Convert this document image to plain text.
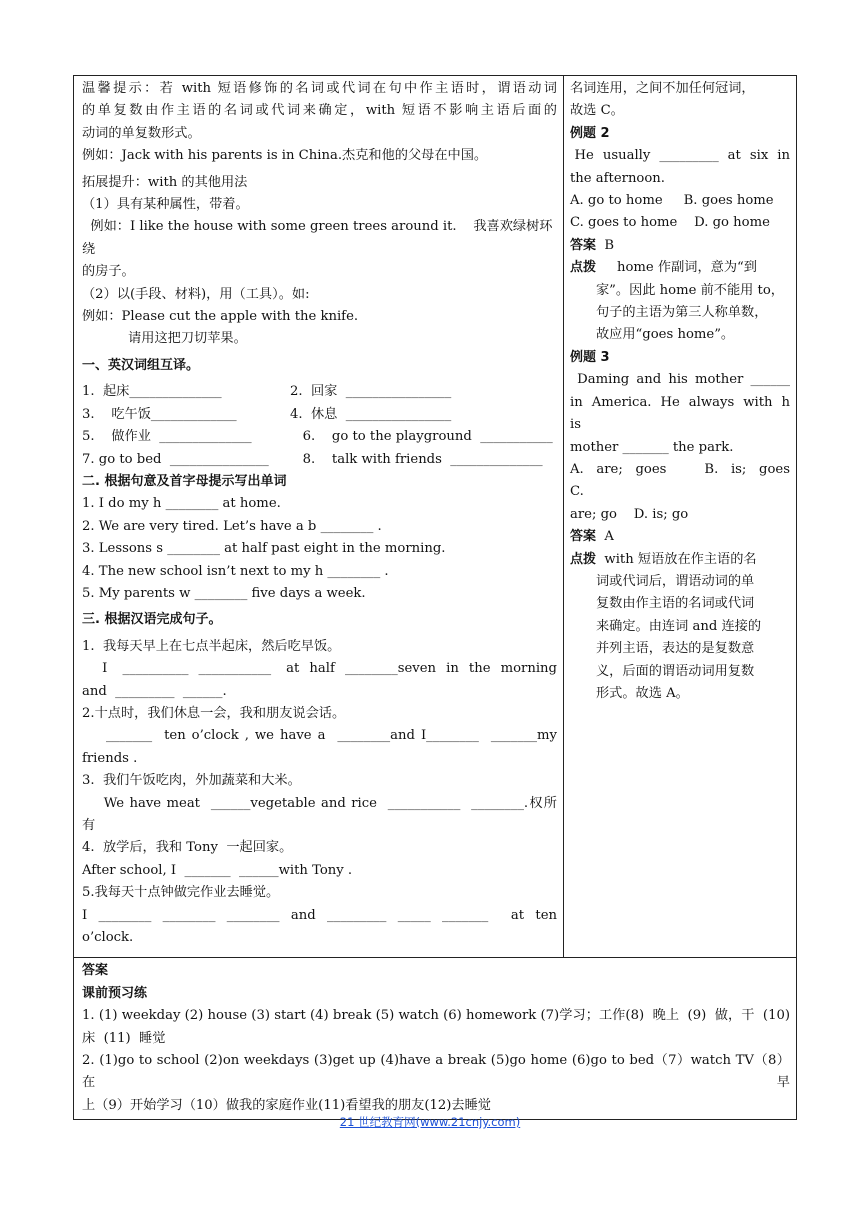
温馨提示：若 with 短语修饰的名词或代词在句中作主语时，谓语动词
的单复数由作主语的名词或代词来确定，with 短语不影响主语后面的
动词的单复数形式。
例如：Jack with his parents is in China.杰克和他的父母在中国。
拓展提升：with 的其他用法
（1）具有某种属性，带着。
例如：I like the house with some green trees around it.    我喜欢绿树环绕
的房子。
（2）以(手段、材料)，用（工具）。如:
例如：Please cut the apple with the knife.
请用这把刀切苹果。
一、英汉词组互译。
1.  起床______________	2.  回家  ________________
3.    吃午饭_____________	4.  休息  ________________
5.    做作业  ______________	6.    go to the playground  ___________
7. go to bed  _______________	8.    talk with friends  ______________
二. 根据句意及首字母提示写出单词
1. I do my h ________ at home.
2. We are very tired. Let’s have a b ________ .
3. Lessons s ________ at half past eight in the morning.
4. The new school isn’t next to my h ________ .
5. My parents w ________ five days a week.
三. 根据汉语完成句子。
1.  我每天早上在七点半起床，然后吃早饭。
I   __________  ___________   at  half  ________seven  in  the  morning
and  _________  ______.
2.十点时，我们休息一会，我和朋友说会话。
_______  ten o’clock , we have a  ________and I________  _______my
friends .
3.  我们午饭吃肉，外加蔬菜和大米。
We have meat  ______vegetable and rice  ___________  ________.权所
有
4.  放学后，我和 Tony  一起回家。
After school, I  _______  ______with Tony .
5.我每天十点钟做完作业去睡觉。
I  ________  ________  ________  and  _________  _____  _______    at  ten
o’clock.

名词连用，之间不加任何冠词，
故选 C。
例题 2
He  usually  _________  at  six  in
the afternoon.
A. go to home     B. goes home
C. goes to home    D. go home
答案 B
点拨 home 作副词，意为“到
家”。因此 home 前不能用 to，
句子的主语为第三人称单数，
故应用“goes home”。
例题 3
Daming and his mother ______
in  America.  He  always  with  his
mother _______ the park.
A.  are;  goes      B.  is;  goes       C.
are; go    D. is; go
答案 A
点拨 with 短语放在作主语的名
词或代词后，谓语动词的单
复数由作主语的名词或代词
来确定。由连词 and 连接的
并列主语，表达的是复数意
义，后面的谓语动词用复数
形式。故选 A。

答案
课前预习练
1. (1) weekday (2) house (3) start (4) break (5) watch (6) homework (7)学习；工作(8)  晚上  (9)  做，干  (10)
床  (11)  睡觉
2. (1)go to school (2)on weekdays (3)get up (4)have a break (5)go home (6)go to bed（7）watch TV（8）在早
上（9）开始学习（10）做我的家庭作业(11)看望我的朋友(12)去睡觉
21 世纪教育网(www.21cnjy.com)
